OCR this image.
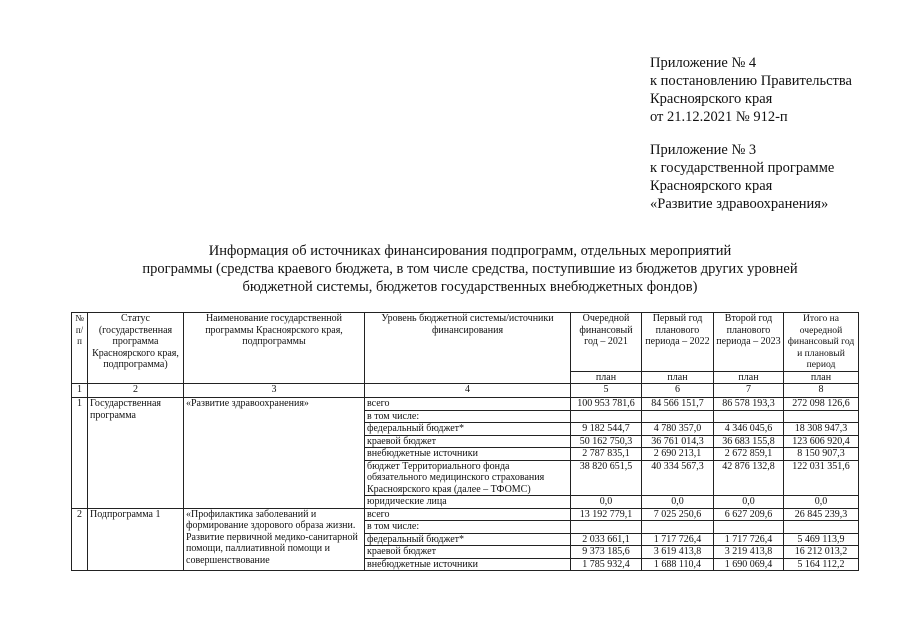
Приложение № 4
к постановлению Правительства
Красноярского края
от 21.12.2021 № 912-п
Приложение № 3
к государственной программе
Красноярского края
«Развитие здравоохранения»
Информация об источниках финансирования подпрограмм, отдельных мероприятий
программы (средства краевого бюджета, в том числе средства, поступившие из бюджетов других уровней
бюджетной системы, бюджетов государственных внебюджетных фондов)
№ п/п	Статус (государственная программа Красноярского края, подпрограмма)	Наименование государственной программы Красноярского края, подпрограммы	Уровень бюджетной системы/источники финансирования	Очередной финансовый год – 2021	Первый год планового периода – 2022	Второй год планового периода – 2023	Итого на очередной финансовый год и плановый период
				план	план	план	план
1	2	3	4	5	6	7	8
1	Государственная программа	«Развитие здравоохранения»	всего	100 953 781,6	84 566 151,7	86 578 193,3	272 098 126,6
			в том числе:				
			федеральный бюджет*	9 182 544,7	4 780 357,0	4 346 045,6	18 308 947,3
			краевой бюджет	50 162 750,3	36 761 014,3	36 683 155,8	123 606 920,4
			внебюджетные источники	2 787 835,1	2 690 213,1	2 672 859,1	8 150 907,3
			бюджет Территориального фонда обязательного медицинского страхования Красноярского края (далее – ТФОМС)	38 820 651,5	40 334 567,3	42 876 132,8	122 031 351,6
			юридические лица	0,0	0,0	0,0	0,0
2	Подпрограмма 1	«Профилактика заболеваний и формирование здорового образа жизни. Развитие первичной медико-санитарной помощи, паллиативной помощи и совершенствование	всего	13 192 779,1	7 025 250,6	6 627 209,6	26 845 239,3
			в том числе:				
			федеральный бюджет*	2 033 661,1	1 717 726,4	1 717 726,4	5 469 113,9
			краевой бюджет	9 373 185,6	3 619 413,8	3 219 413,8	16 212 013,2
			внебюджетные источники	1 785 932,4	1 688 110,4	1 690 069,4	5 164 112,2
